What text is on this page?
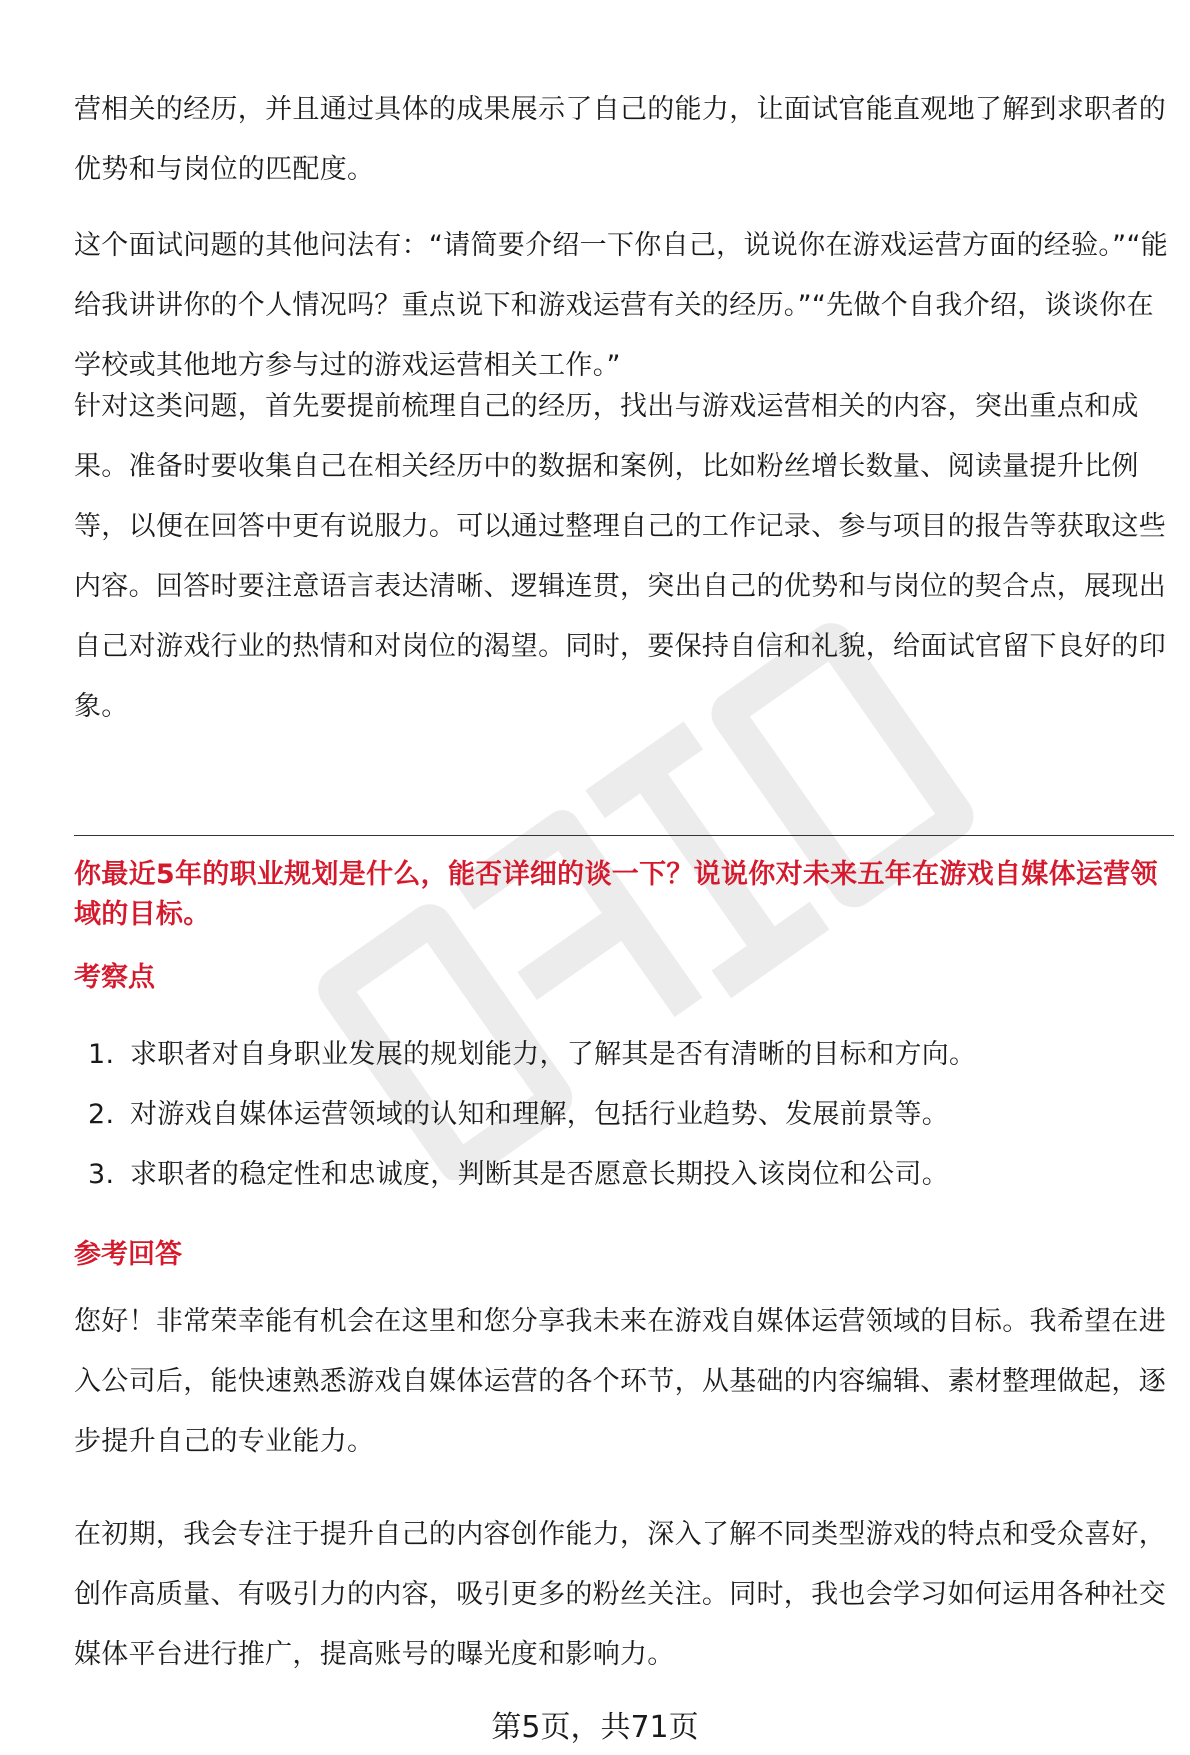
营相关的经历，并且通过具体的成果展示了自己的能力，让面试官能直观地了解到求职者的优势和与岗位的匹配度。

这个面试问题的其他问法有：“请简要介绍一下你自己，说说你在游戏运营方面的经验。”“能给我讲讲你的个人情况吗？重点说下和游戏运营有关的经历。”“先做个自我介绍，谈谈你在学校或其他地方参与过的游戏运营相关工作。”

针对这类问题，首先要提前梳理自己的经历，找出与游戏运营相关的内容，突出重点和成果。准备时要收集自己在相关经历中的数据和案例，比如粉丝增长数量、阅读量提升比例等，以便在回答中更有说服力。可以通过整理自己的工作记录、参与项目的报告等获取这些内容。回答时要注意语言表达清晰、逻辑连贯，突出自己的优势和与岗位的契合点，展现出自己对游戏行业的热情和对岗位的渴望。同时，要保持自信和礼貌，给面试官留下良好的印象。

你最近5年的职业规划是什么，能否详细的谈一下？说说你对未来五年在游戏自媒体运营领域的目标。

考察点

1. 求职者对自身职业发展的规划能力，了解其是否有清晰的目标和方向。
2. 对游戏自媒体运营领域的认知和理解，包括行业趋势、发展前景等。
3. 求职者的稳定性和忠诚度，判断其是否愿意长期投入该岗位和公司。

参考回答

您好！非常荣幸能有机会在这里和您分享我未来在游戏自媒体运营领域的目标。我希望在进入公司后，能快速熟悉游戏自媒体运营的各个环节，从基础的内容编辑、素材整理做起，逐步提升自己的专业能力。

在初期，我会专注于提升自己的内容创作能力，深入了解不同类型游戏的特点和受众喜好，创作高质量、有吸引力的内容，吸引更多的粉丝关注。同时，我也会学习如何运用各种社交媒体平台进行推广，提高账号的曝光度和影响力。

第5页，共71页
